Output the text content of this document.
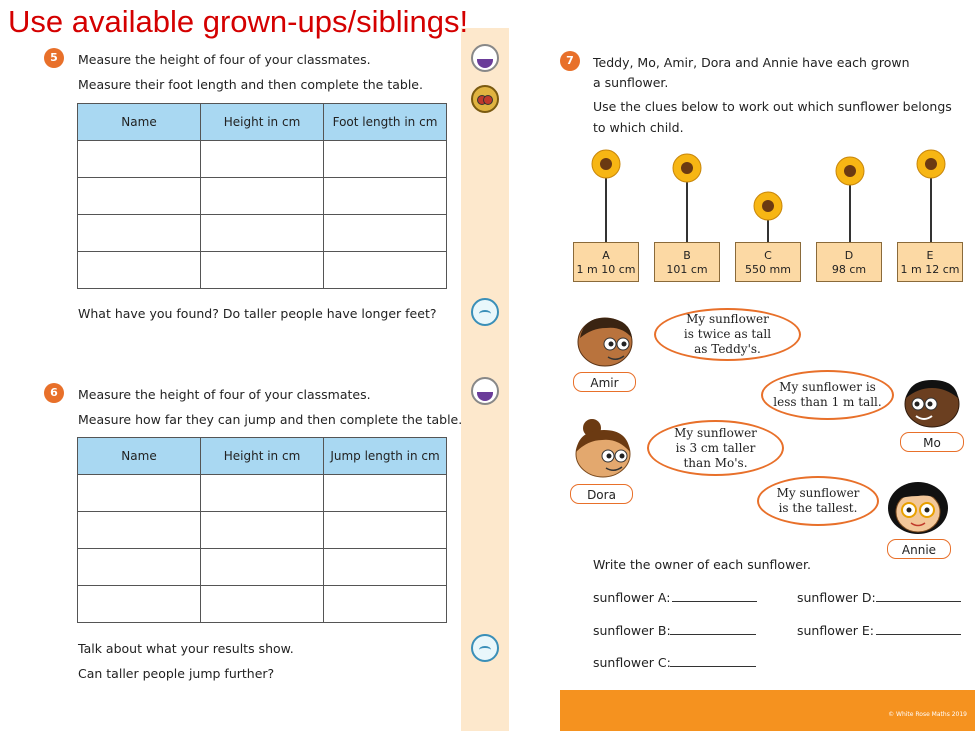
Use available grown-ups/siblings!
5	Measure the height of four of your classmates.
Measure their foot length and then complete the table.
Name	Height in cm	Foot length in cm

What have you found? Do taller people have longer feet?
6	Measure the height of four of your classmates.
Measure how far they can jump and then complete the table.
Name	Height in cm	Jump length in cm

Talk about what your results show.
Can taller people jump further?
7	Teddy, Mo, Amir, Dora and Annie have each grown
a sunflower.
Use the clues below to work out which sunflower belongs
to which child.
A
1 m 10 cm
B
101 cm
C
550 mm
D
98 cm
E
1 m 12 cm
My sunflower
is twice as tall
as Teddy's.
Amir	My sunflower is
less than 1 m tall.
Mo
My sunflower
is 3 cm taller
than Mo's.
Dora	My sunflower
is the tallest.
Annie
Write the owner of each sunflower.
sunflower A:
sunflower B:
sunflower C:
sunflower D:
sunflower E:
© White Rose Maths 2019
